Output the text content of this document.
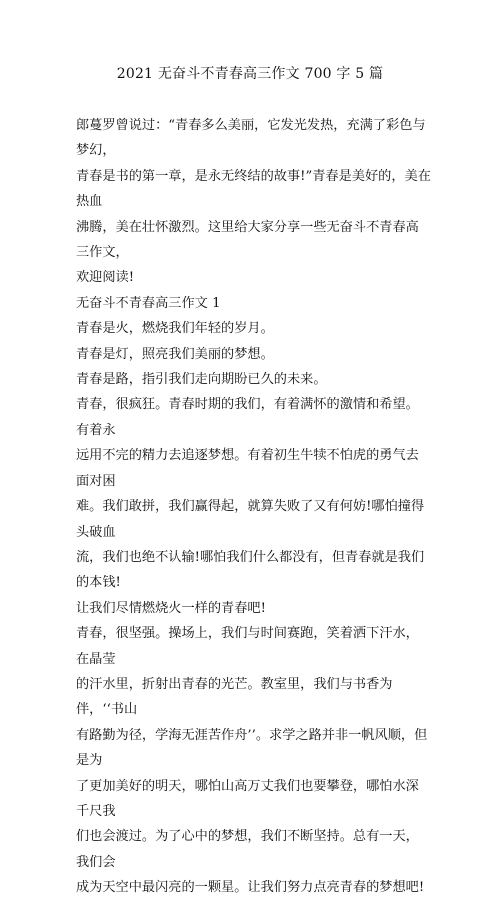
2021 无奋斗不青春高三作文 700 字 5 篇

郎蔓罗曾说过：“青春多么美丽，它发光发热，充满了彩色与梦幻，

青春是书的第一章，是永无终结的故事!”青春是美好的，美在热血

沸腾，美在壮怀激烈。这里给大家分享一些无奋斗不青春高三作文，

欢迎阅读!

无奋斗不青春高三作文 1

青春是火，燃烧我们年轻的岁月。

青春是灯，照亮我们美丽的梦想。

青春是路，指引我们走向期盼已久的未来。

青春，很疯狂。青春时期的我们，有着满怀的激情和希望。有着永

远用不完的精力去追逐梦想。有着初生牛犊不怕虎的勇气去面对困

难。我们敢拼，我们赢得起，就算失败了又有何妨!哪怕撞得头破血

流，我们也绝不认输!哪怕我们什么都没有，但青春就是我们的本钱!

让我们尽情燃烧火一样的青春吧!

青春，很坚强。操场上，我们与时间赛跑，笑着洒下汗水，在晶莹

的汗水里，折射出青春的光芒。教室里，我们与书香为伴，‘‘书山

有路勤为径，学海无涯苦作舟’’。求学之路并非一帆风顺，但是为

了更加美好的明天，哪怕山高万丈我们也要攀登，哪怕水深千尺我

们也会渡过。为了心中的梦想，我们不断坚持。总有一天，我们会

成为天空中最闪亮的一颗星。让我们努力点亮青春的梦想吧!
